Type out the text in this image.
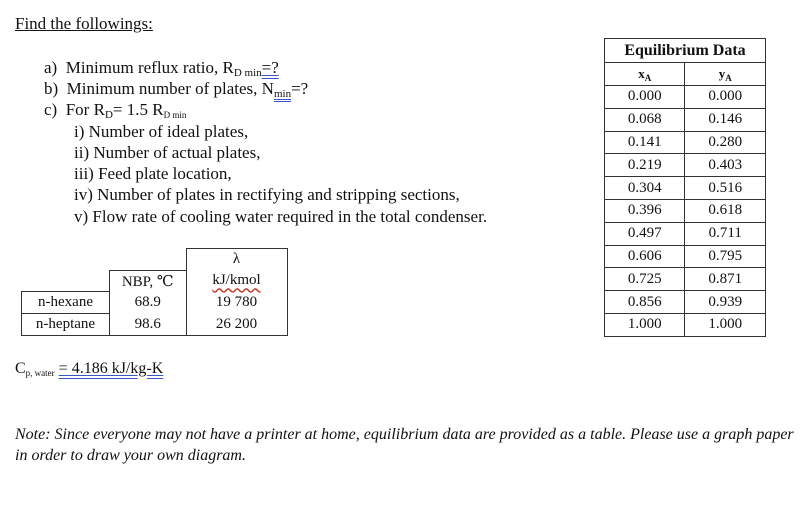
Find the followings:
a) Minimum reflux ratio, $R_{D min}=$?
b) Minimum number of plates, $N_{min}=$?
c) For $R_D= 1.5$ RD min
i) Number of ideal plates,
ii) Number of actual plates,
iii) Feed plate location,
iv) Number of plates in rectifying and stripping sections,
v) Flow rate of cooling water required in the total condenser.
Equilibrium Data	
$x_A$	$y_A$
0.000	0.000
0.068	0.146
0.141	0.280
0.219	0.403
0.304	0.516
0.396	0.618
0.497	0.711
0.606	0.795
0.725	0.871
0.856	0.939
1.000	1.000
		λ
	NBP, ℃	kJ/kmol
n-hexane	68.9	19 780
n-heptane	98.6	26 200
Cp, water = 4.186 kJ/kg-K
Note: Since everyone may not have a printer at home, equilibrium data are provided as a table. Please use a graph paper in order to draw your own diagram.
